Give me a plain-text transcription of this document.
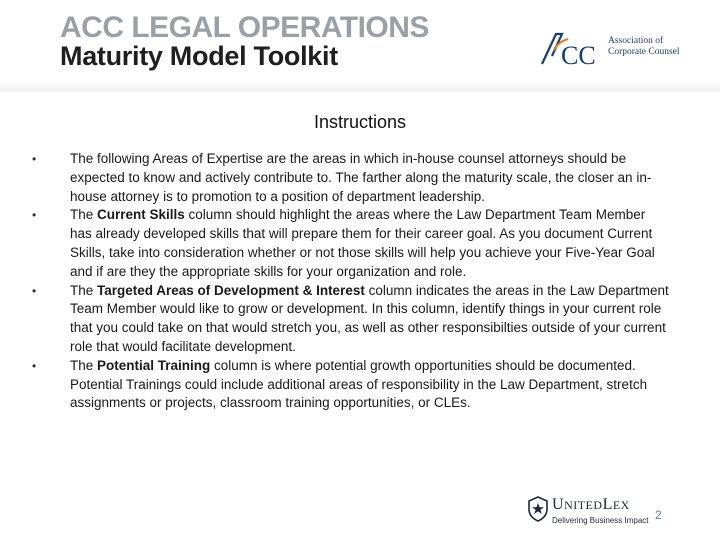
ACC LEGAL OPERATIONS
Maturity Model Toolkit	CC Association of
Corporate Counsel
Instructions
•	The following Areas of Expertise are the areas in which in-house counsel attorneys should be expected to know and actively contribute to. The farther along the maturity scale, the closer an in-house attorney is to promotion to a position of department leadership.
•	The Current Skills column should highlight the areas where the Law Department Team Member has already developed skills that will prepare them for their career goal. As you document Current Skills, take into consideration whether or not those skills will help you achieve your Five-Year Goal and if are they the appropriate skills for your organization and role.
•	The Targeted Areas of Development & Interest column indicates the areas in the Law Department Team Member would like to grow or development. In this column, identify things in your current role that you could take on that would stretch you, as well as other responsibilties outside of your current role that would facilitate development.
•	The Potential Training column is where potential growth opportunities should be documented. Potential Trainings could include additional areas of responsibility in the Law Department, stretch assignments or projects, classroom training opportunities, or CLEs.
UNITEDLEX
Delivering Business Impact 2
